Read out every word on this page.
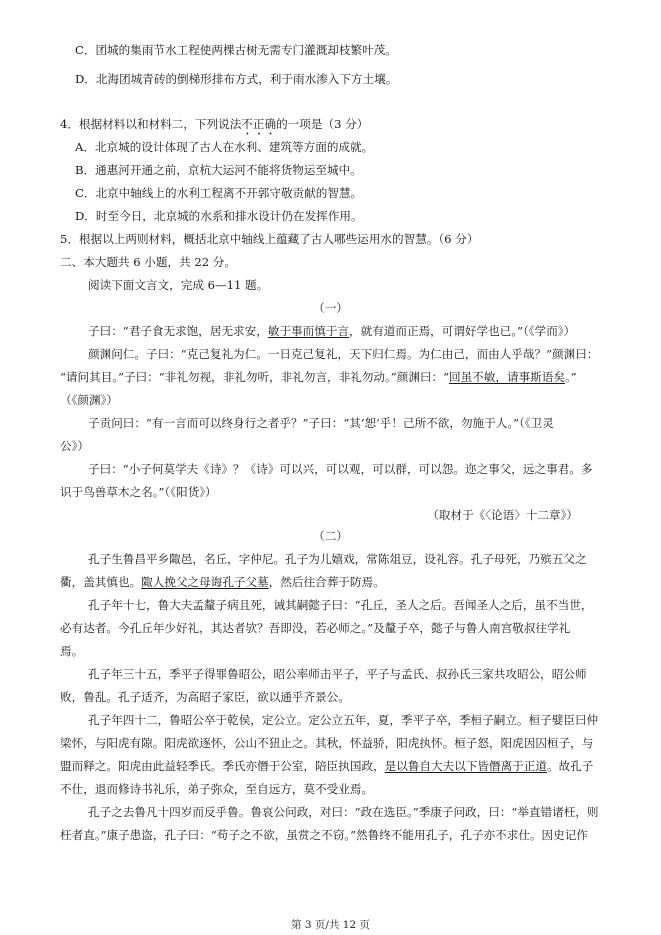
C．团城的集雨节水工程使两棵古树无需专门灌溉却枝繁叶茂。
D．北海团城青砖的倒梯形排布方式，利于雨水渗入下方土壤。
4．根据材料以和材料二，下列说法不正确的一项是（3 分）
A．北京城的设计体现了古人在水利、建筑等方面的成就。
B．通惠河开通之前，京杭大运河不能将货物运至城中。
C．北京中轴线上的水利工程离不开郭守敬贡献的智慧。
D．时至今日，北京城的水系和排水设计仍在发挥作用。
5．根据以上两则材料，概括北京中轴线上蕴藏了古人哪些运用水的智慧。（6 分）
二、本大题共 6 小题，共 22 分。
阅读下面文言文，完成 6—11 题。
（一）
子曰：“君子食无求饱，居无求安，敏于事而慎于言，就有道而正焉，可谓好学也已。”（《学而》）
颜渊问仁。子曰：“克己复礼为仁。一日克己复礼，天下归仁焉。为仁由己，而由人乎哉？”颜渊曰：
“请问其目。”子曰：“非礼勿视，非礼勿听，非礼勿言，非礼勿动。”颜渊曰：“回虽不敏，请事斯语矣。”
（《颜渊》）
子贡问曰：“有一言而可以终身行之者乎？”子曰：“其‘恕’乎！己所不欲，勿施于人。”（《卫灵
公》）
子曰：“小子何莫学夫《诗》？《诗》可以兴，可以观，可以群，可以怨。迩之事父，远之事君。多
识于鸟兽草木之名。”（《阳货》）
（取材于《〈论语〉十二章》）
（二）
孔子生鲁昌平乡陬邑，名丘，字仲尼。孔子为儿嬉戏，常陈俎豆，设礼容。孔子母死，乃殡五父之
衢，盖其慎也。陬人挽父之母诲孔子父墓，然后往合葬于防焉。
孔子年十七，鲁大夫孟釐子病且死，诫其嗣懿子曰：“孔丘，圣人之后。吾闻圣人之后，虽不当世，
必有达者。今孔丘年少好礼，其达者欤？吾即没，若必师之。”及釐子卒，懿子与鲁人南宫敬叔往学礼
焉。
孔子年三十五，季平子得罪鲁昭公，昭公率师击平子，平子与孟氏、叔孙氏三家共攻昭公，昭公师
败，鲁乱。孔子适齐，为高昭子家臣，欲以通乎齐景公。
孔子年四十二，鲁昭公卒于乾侯，定公立。定公立五年，夏，季平子卒，季桓子嗣立。桓子嬖臣曰仲
梁怀，与阳虎有隙。阳虎欲逐怀，公山不狃止之。其秋，怀益骄，阳虎执怀。桓子怒，阳虎因囚桓子，与
盟而释之。阳虎由此益轻季氏。季氏亦僭于公室，陪臣执国政，是以鲁自大夫以下皆僭离于正道。故孔子
不仕，退而修诗书礼乐，弟子弥众，至自远方，莫不受业焉。
孔子之去鲁凡十四岁而反乎鲁。鲁哀公问政，对曰：“政在选臣。”季康子问政，曰：“举直错诸枉，则
枉者直。”康子患盗，孔子曰：“苟子之不欲，虽赏之不窃。”然鲁终不能用孔子，孔子亦不求仕。因史记作
第 3 页/共 12 页
